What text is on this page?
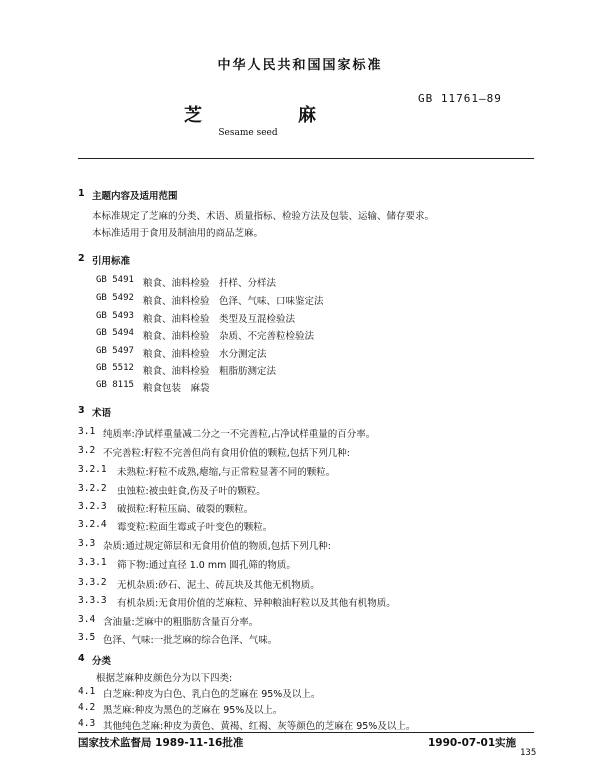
中华人民共和国国家标准
GB 11761—89
芝	麻
Sesame seed
1 主题内容及适用范围
本标准规定了芝麻的分类、术语、质量指标、检验方法及包装、运输、储存要求。
本标准适用于食用及制油用的商品芝麻。
2 引用标准
GB 5491 粮食、油料检验　扦样、分样法
GB 5492 粮食、油料检验　色泽、气味、口味鉴定法
GB 5493 粮食、油料检验　类型及互混检验法
GB 5494 粮食、油料检验　杂质、不完善粒检验法
GB 5497 粮食、油料检验　水分测定法
GB 5512 粮食、油料检验　粗脂肪测定法
GB 8115 粮食包装　麻袋
3 术语
3.1 纯质率:净试样重量减二分之一不完善粒,占净试样重量的百分率。
3.2 不完善粒:籽粒不完善但尚有食用价值的颗粒,包括下列几种:
3.2.1 未熟粒:籽粒不成熟,瘪缩,与正常粒显著不同的颗粒。
3.2.2 虫蚀粒:被虫蛀食,伤及子叶的颗粒。
3.2.3 破损粒:籽粒压扁、破裂的颗粒。
3.2.4 霉变粒:粒面生霉或子叶变色的颗粒。
3.3 杂质:通过规定筛层和无食用价值的物质,包括下列几种:
3.3.1 筛下物:通过直径 1.0 mm 圆孔筛的物质。
3.3.2 无机杂质:砂石、泥土、砖瓦块及其他无机物质。
3.3.3 有机杂质:无食用价值的芝麻粒、异种粮油籽粒以及其他有机物质。
3.4 含油量:芝麻中的粗脂肪含量百分率。
3.5 色泽、气味:一批芝麻的综合色泽、气味。
4 分类
根据芝麻种皮颜色分为以下四类:
4.1 白芝麻:种皮为白色、乳白色的芝麻在 95%及以上。
4.2 黑芝麻:种皮为黑色的芝麻在 95%及以上。
4.3 其他纯色芝麻:种皮为黄色、黄褐、红褐、灰等颜色的芝麻在 95%及以上。
国家技术监督局 1989-11-16批准	1990-07-01实施
135
